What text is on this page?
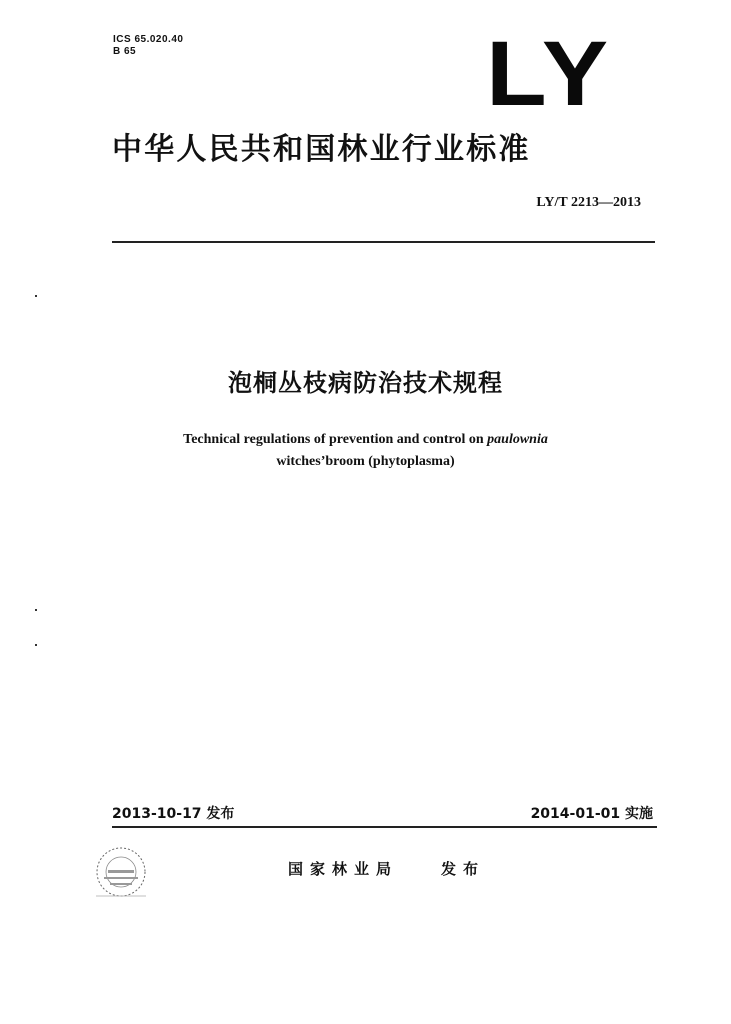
ICS 65.020.40
B 65	LY
中华人民共和国林业行业标准
LY/T 2213—2013
泡桐丛枝病防治技术规程
Technical regulations of prevention and control on paulownia
witches’broom (phytoplasma)
2013-10-17 发布	2014-01-01 实施
国家林业局	发布
